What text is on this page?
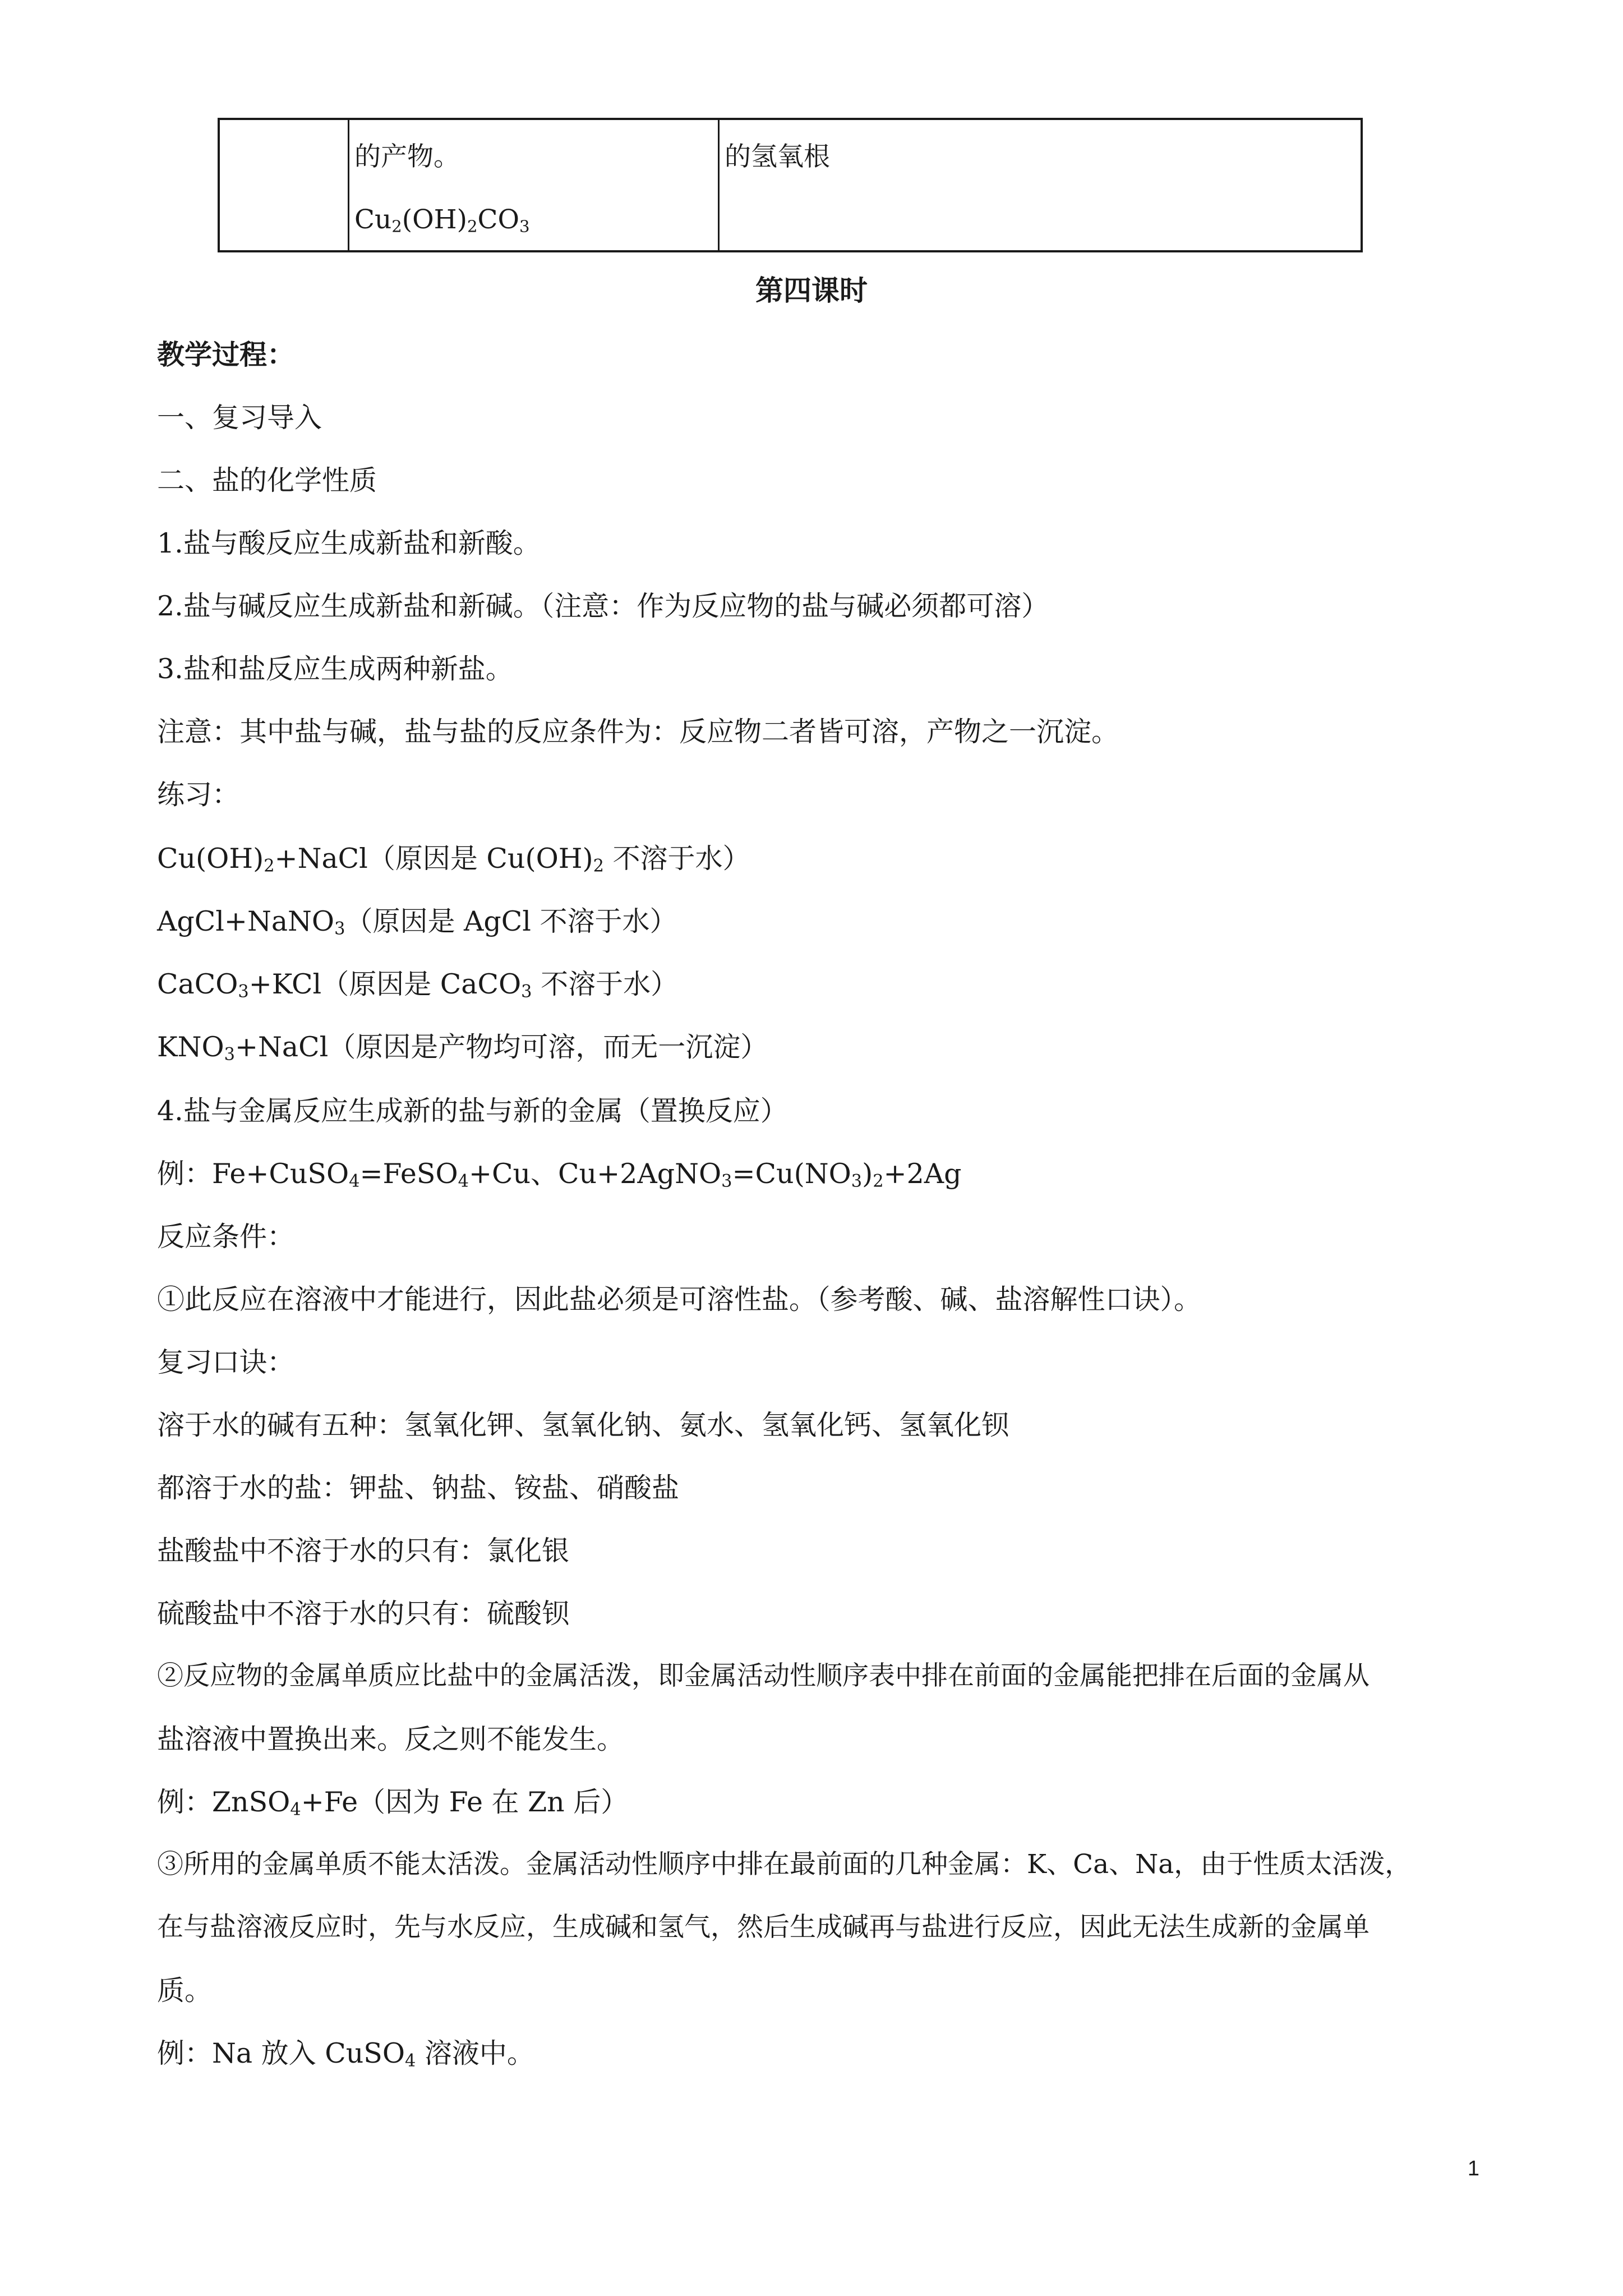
的产物。
$Cu_2(OH)_2CO_3$
的氢氧根
第四课时
教学过程：
一、复习导入
二、盐的化学性质
1.盐与酸反应生成新盐和新酸。
2.盐与碱反应生成新盐和新碱。（注意：作为反应物的盐与碱必须都可溶）
3.盐和盐反应生成两种新盐。
注意：其中盐与碱，盐与盐的反应条件为：反应物二者皆可溶，产物之一沉淀。
练习：
$Cu(OH)_2+NaCl$（原因是 $Cu(OH)_2$ 不溶于水）
AgCl+NaNO$_3$（原因是 AgCl 不溶于水）
CaCO$_3$+KCl（原因是 CaCO$_3$ 不溶于水）
$KNO_3+NaCl$（原因是产物均可溶，而无一沉淀）
4.盐与金属反应生成新的盐与新的金属（置换反应）
例：Fe+CuSO$_4$=FeSO$_4$+Cu、$Cu+2AgNO_3=Cu(NO_3)_2+2Ag$
反应条件：
①此反应在溶液中才能进行，因此盐必须是可溶性盐。（参考酸、碱、盐溶解性口诀）。
复习口诀：
溶于水的碱有五种：氢氧化钾、氢氧化钠、氨水、氢氧化钙、氢氧化钡
都溶于水的盐：钾盐、钠盐、铵盐、硝酸盐
盐酸盐中不溶于水的只有：氯化银
硫酸盐中不溶于水的只有：硫酸钡
②反应物的金属单质应比盐中的金属活泼，即金属活动性顺序表中排在前面的金属能把排在后面的金属从
盐溶液中置换出来。反之则不能发生。
例：ZnSO$_4$+Fe（因为 Fe 在 Zn 后）
③所用的金属单质不能太活泼。金属活动性顺序中排在最前面的几种金属：K、Ca、Na，由于性质太活泼，
在与盐溶液反应时，先与水反应，生成碱和氢气，然后生成碱再与盐进行反应，因此无法生成新的金属单
质。
例：Na 放入 CuSO$_4$ 溶液中。
1
